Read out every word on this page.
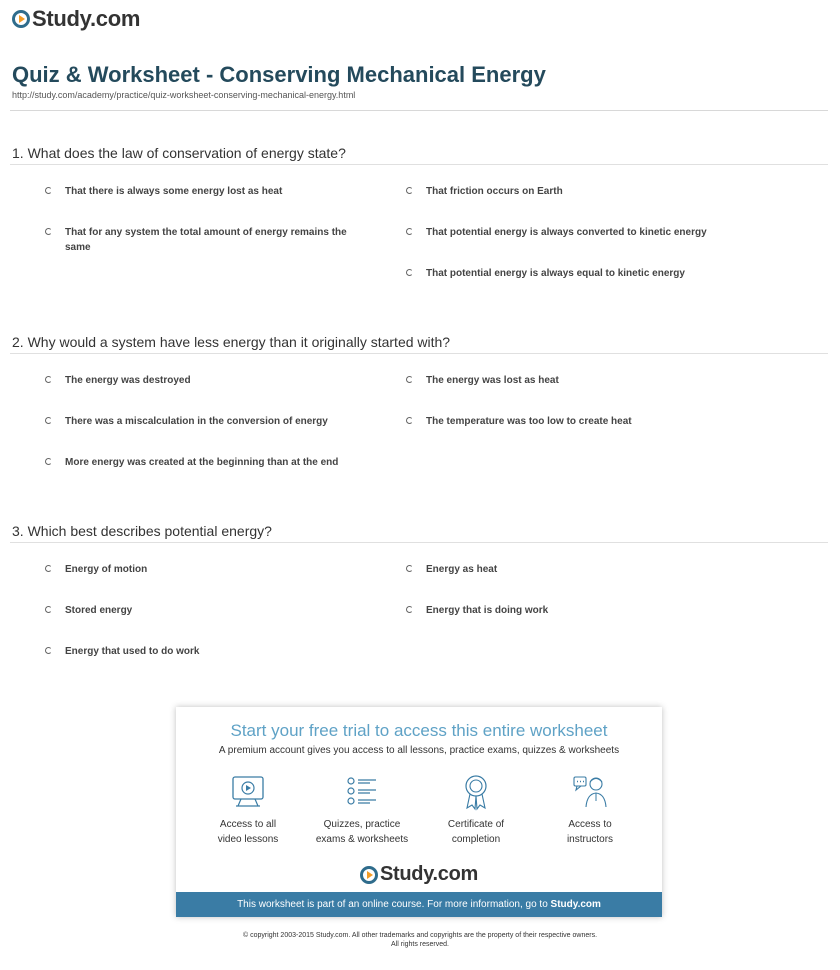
Study.com
Quiz & Worksheet - Conserving Mechanical Energy
http://study.com/academy/practice/quiz-worksheet-conserving-mechanical-energy.html
1. What does the law of conservation of energy state?
That there is always some energy lost as heat	That friction occurs on Earth
That for any system the total amount of energy remains the same
That potential energy is always converted to kinetic energy
That potential energy is always equal to kinetic energy
2. Why would a system have less energy than it originally started with?
The energy was destroyed	The energy was lost as heat
There was a miscalculation in the conversion of energy	The temperature was too low to create heat
More energy was created at the beginning than at the end
3. Which best describes potential energy?
Energy of motion	Energy as heat
Stored energy	Energy that is doing work
Energy that used to do work
Start your free trial to access this entire worksheet
A premium account gives you access to all lessons, practice exams, quizzes & worksheets
Access to all
video lessons
Quizzes, practice
exams & worksheets
Certificate of
completion
Access to
instructors
Study.com
This worksheet is part of an online course. For more information, go to Study.com
© copyright 2003-2015 Study.com. All other trademarks and copyrights are the property of their respective owners.
All rights reserved.
